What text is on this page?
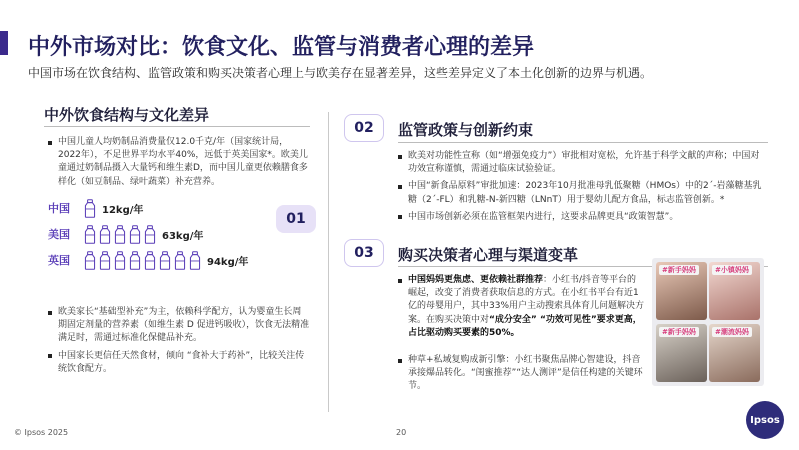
中外市场对比：饮食文化、监管与消费者心理的差异
中国市场在饮食结构、监管政策和购买决策者心理上与欧美存在显著差异，这些差异定义了本土化创新的边界与机遇。
中外饮食结构与文化差异
中国儿童人均奶制品消费量仅12.0千克/年（国家统计局，2022年），不足世界平均水平40%，远低于英美国家*。欧美儿童通过奶制品摄入大量钙和维生素D，而中国儿童更依赖膳食多样化（如豆制品、绿叶蔬菜）补充营养。
中国	12kg/年
美国	63kg/年
英国	94kg/年
欧美家长“基础型补充”为主，依赖科学配方，认为婴童生长周期固定剂量的营养素（如维生素 D 促进钙吸收），饮食无法精准满足时，需通过标准化保健品补充。
中国家长更信任天然食材，倾向 “食补大于药补”，比较关注传统饮食配方。
01
02	监管政策与创新约束
欧美对功能性宣称（如“增强免疫力”）审批相对宽松，允许基于科学文献的声称；中国对功效宣称谨慎，需通过临床试验验证。
中国“新食品原料”审批加速：2023年10月批准母乳低聚糖（HMOs）中的2´-岩藻糖基乳糖（2´-FL）和乳糖-N-新四糖（LNnT）用于婴幼儿配方食品，标志监管创新。*
中国市场创新必须在监管框架内进行，这要求品牌更具“政策智慧”。
03	购买决策者心理与渠道变革
中国妈妈更焦虑、更依赖社群推荐：小红书/抖音等平台的崛起，改变了消费者获取信息的方式。在小红书平台有近1亿的母婴用户，其中33%用户主动搜索具体育儿问题解决方案。在购买决策中对“成分安全” “功效可见性”要求更高，占比驱动购买要素的50%。
种草+私域复购成新引擎：小红书聚焦品牌心智建设，抖音承接爆品转化。“闺蜜推荐”“达人测评”是信任构建的关键环节。
#新手妈妈	#小镇妈妈
#新手妈妈	#潮流妈妈
© Ipsos 2025	20
Ipsos
